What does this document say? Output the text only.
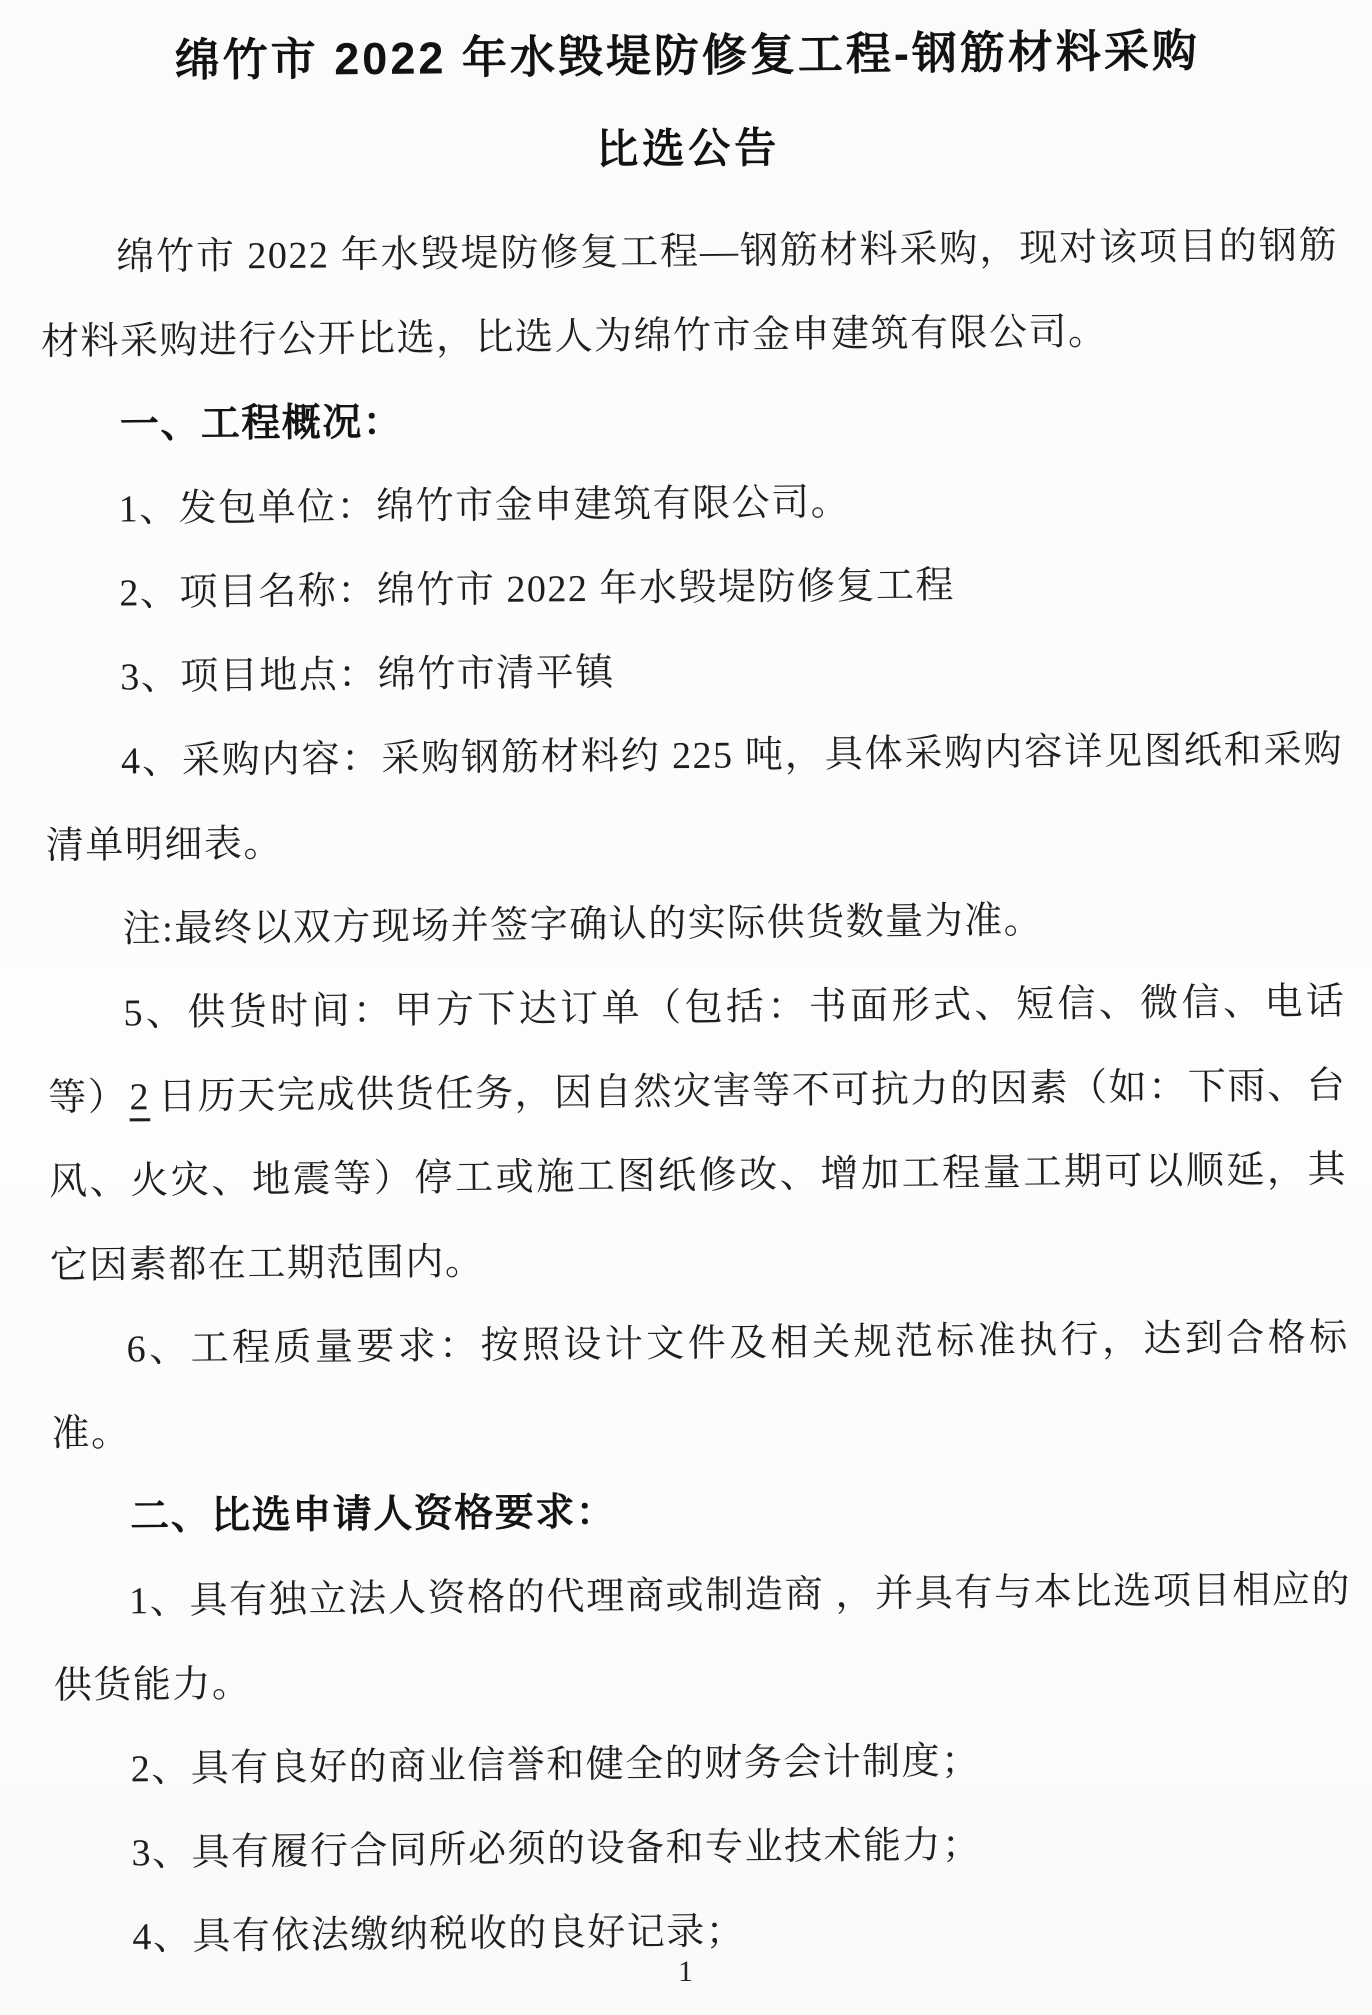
绵竹市 2022 年水毁堤防修复工程-钢筋材料采购
比选公告

绵竹市 2022 年水毁堤防修复工程—钢筋材料采购，现对该项目的钢筋材料采购进行公开比选，比选人为绵竹市金申建筑有限公司。

一、工程概况：

1、发包单位：绵竹市金申建筑有限公司。

2、项目名称：绵竹市 2022 年水毁堤防修复工程

3、项目地点：绵竹市清平镇

4、采购内容：采购钢筋材料约 225 吨，具体采购内容详见图纸和采购清单明细表。

注:最终以双方现场并签字确认的实际供货数量为准。

5、供货时间：甲方下达订单（包括：书面形式、短信、微信、电话等）2 日历天完成供货任务，因自然灾害等不可抗力的因素（如：下雨、台风、火灾、地震等）停工或施工图纸修改、增加工程量工期可以顺延，其它因素都在工期范围内。

6、工程质量要求：按照设计文件及相关规范标准执行，达到合格标准。

二、比选申请人资格要求：

1、具有独立法人资格的代理商或制造商 ，并具有与本比选项目相应的供货能力。

2、具有良好的商业信誉和健全的财务会计制度；

3、具有履行合同所必须的设备和专业技术能力；

4、具有依法缴纳税收的良好记录；

1
